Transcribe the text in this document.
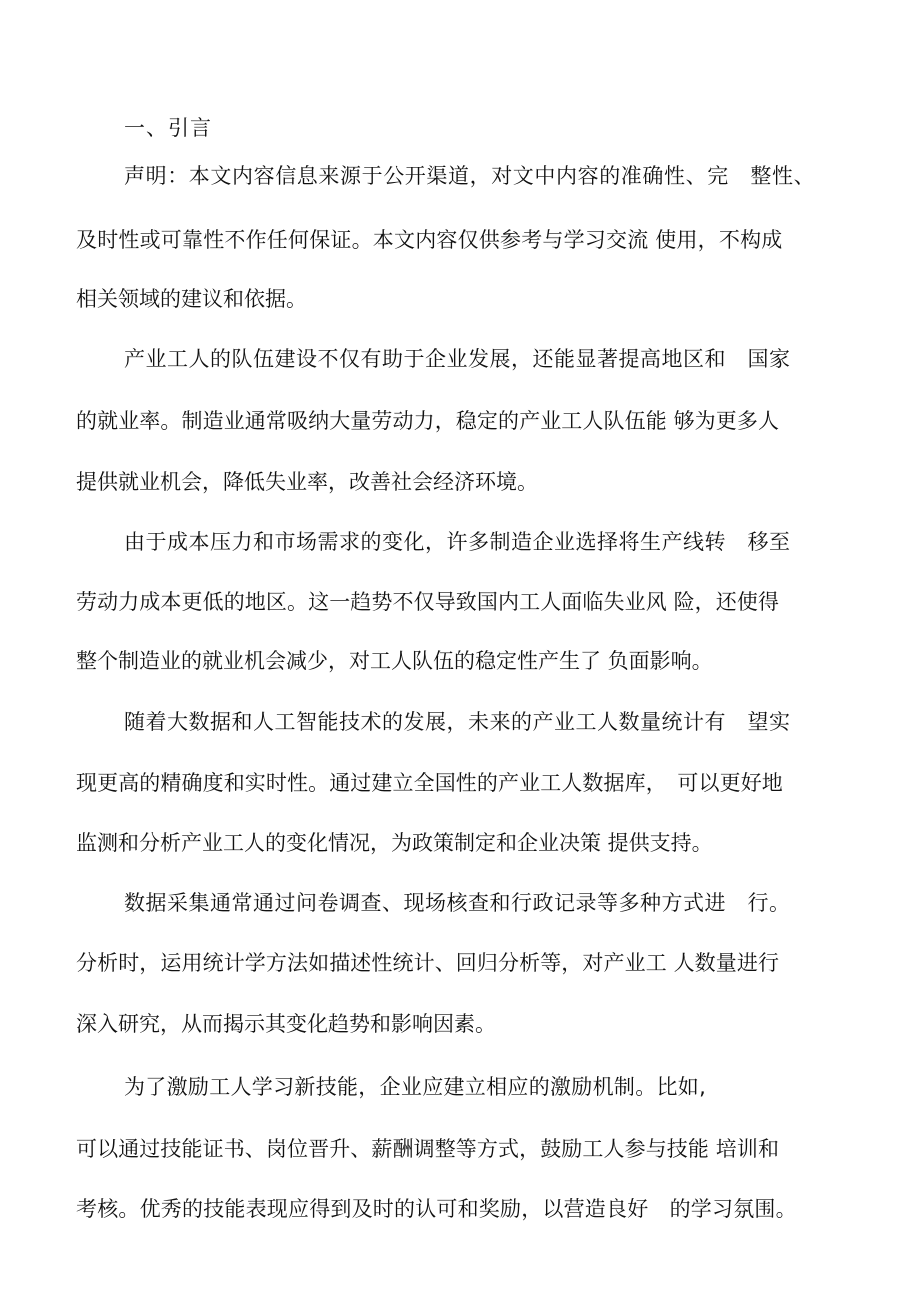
一、引言
声明：本文内容信息来源于公开渠道，对文中内容的准确性、完　整性、
及时性或可靠性不作任何保证。本文内容仅供参考与学习交流 使用，不构成
相关领域的建议和依据。
产业工人的队伍建设不仅有助于企业发展，还能显著提高地区和　国家
的就业率。制造业通常吸纳大量劳动力，稳定的产业工人队伍能 够为更多人
提供就业机会，降低失业率，改善社会经济环境。
由于成本压力和市场需求的变化，许多制造企业选择将生产线转　移至
劳动力成本更低的地区。这一趋势不仅导致国内工人面临失业风 险，还使得
整个制造业的就业机会减少，对工人队伍的稳定性产生了 负面影响。
随着大数据和人工智能技术的发展，未来的产业工人数量统计有　望实
现更高的精确度和实时性。通过建立全国性的产业工人数据库，　可以更好地
监测和分析产业工人的变化情况，为政策制定和企业决策 提供支持。
数据采集通常通过问卷调查、现场核查和行政记录等多种方式进　行。
分析时，运用统计学方法如描述性统计、回归分析等，对产业工 人数量进行
深入研究，从而揭示其变化趋势和影响因素。
为了激励工人学习新技能，企业应建立相应的激励机制。比如,
可以通过技能证书、岗位晋升、薪酬调整等方式，鼓励工人参与技能 培训和
考核。优秀的技能表现应得到及时的认可和奖励，以营造良好　的学习氛围。
